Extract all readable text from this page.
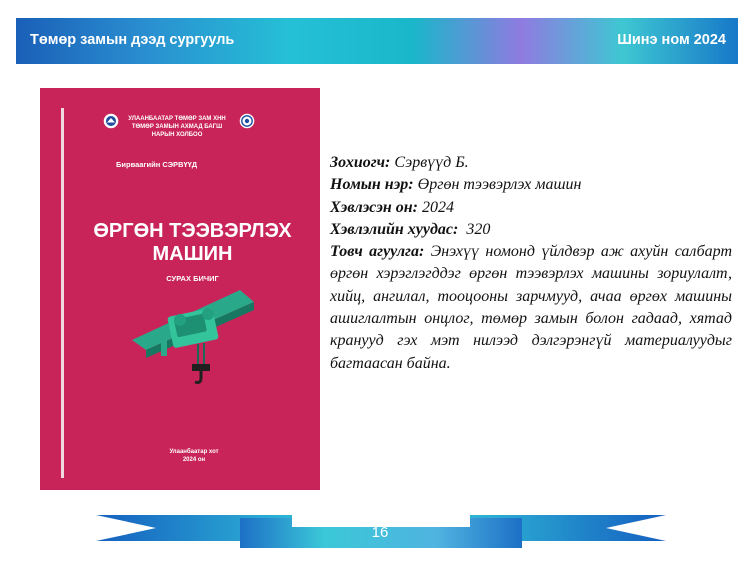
Төмөр замын дээд сургууль	Шинэ ном 2024
УЛААНБААТАР ТӨМӨР ЗАМ ХНН
ТӨМӨР ЗАМЫН АХМАД БАГШ
НАРЫН ХОЛБОО
Бирваагийн СЭРВҮҮД
ӨРГӨН ТЭЭВЭРЛЭХ
МАШИН
СУРАХ БИЧИГ
Улаанбаатар хот
2024 он
Зохиогч: Сэрвүүд Б.
Номын нэр: Өргөн тээвэрлэх машин
Хэвлэсэн он: 2024
Хэвлэлийн хуудас: 320
Товч агуулга: Энэхүү номонд үйлдвэр аж ахуйн салбарт өргөн хэрэглэгддэг өргөн тээвэрлэх машины зориулалт, хийц, ангилал, тооцооны зарчмууд, ачаа өргөх машины ашиглалтын онцлог, төмөр замын болон гадаад, хятад кранууд гэх мэт нилээд дэлгэрэнгүй материалуудыг багтаасан байна.
16
